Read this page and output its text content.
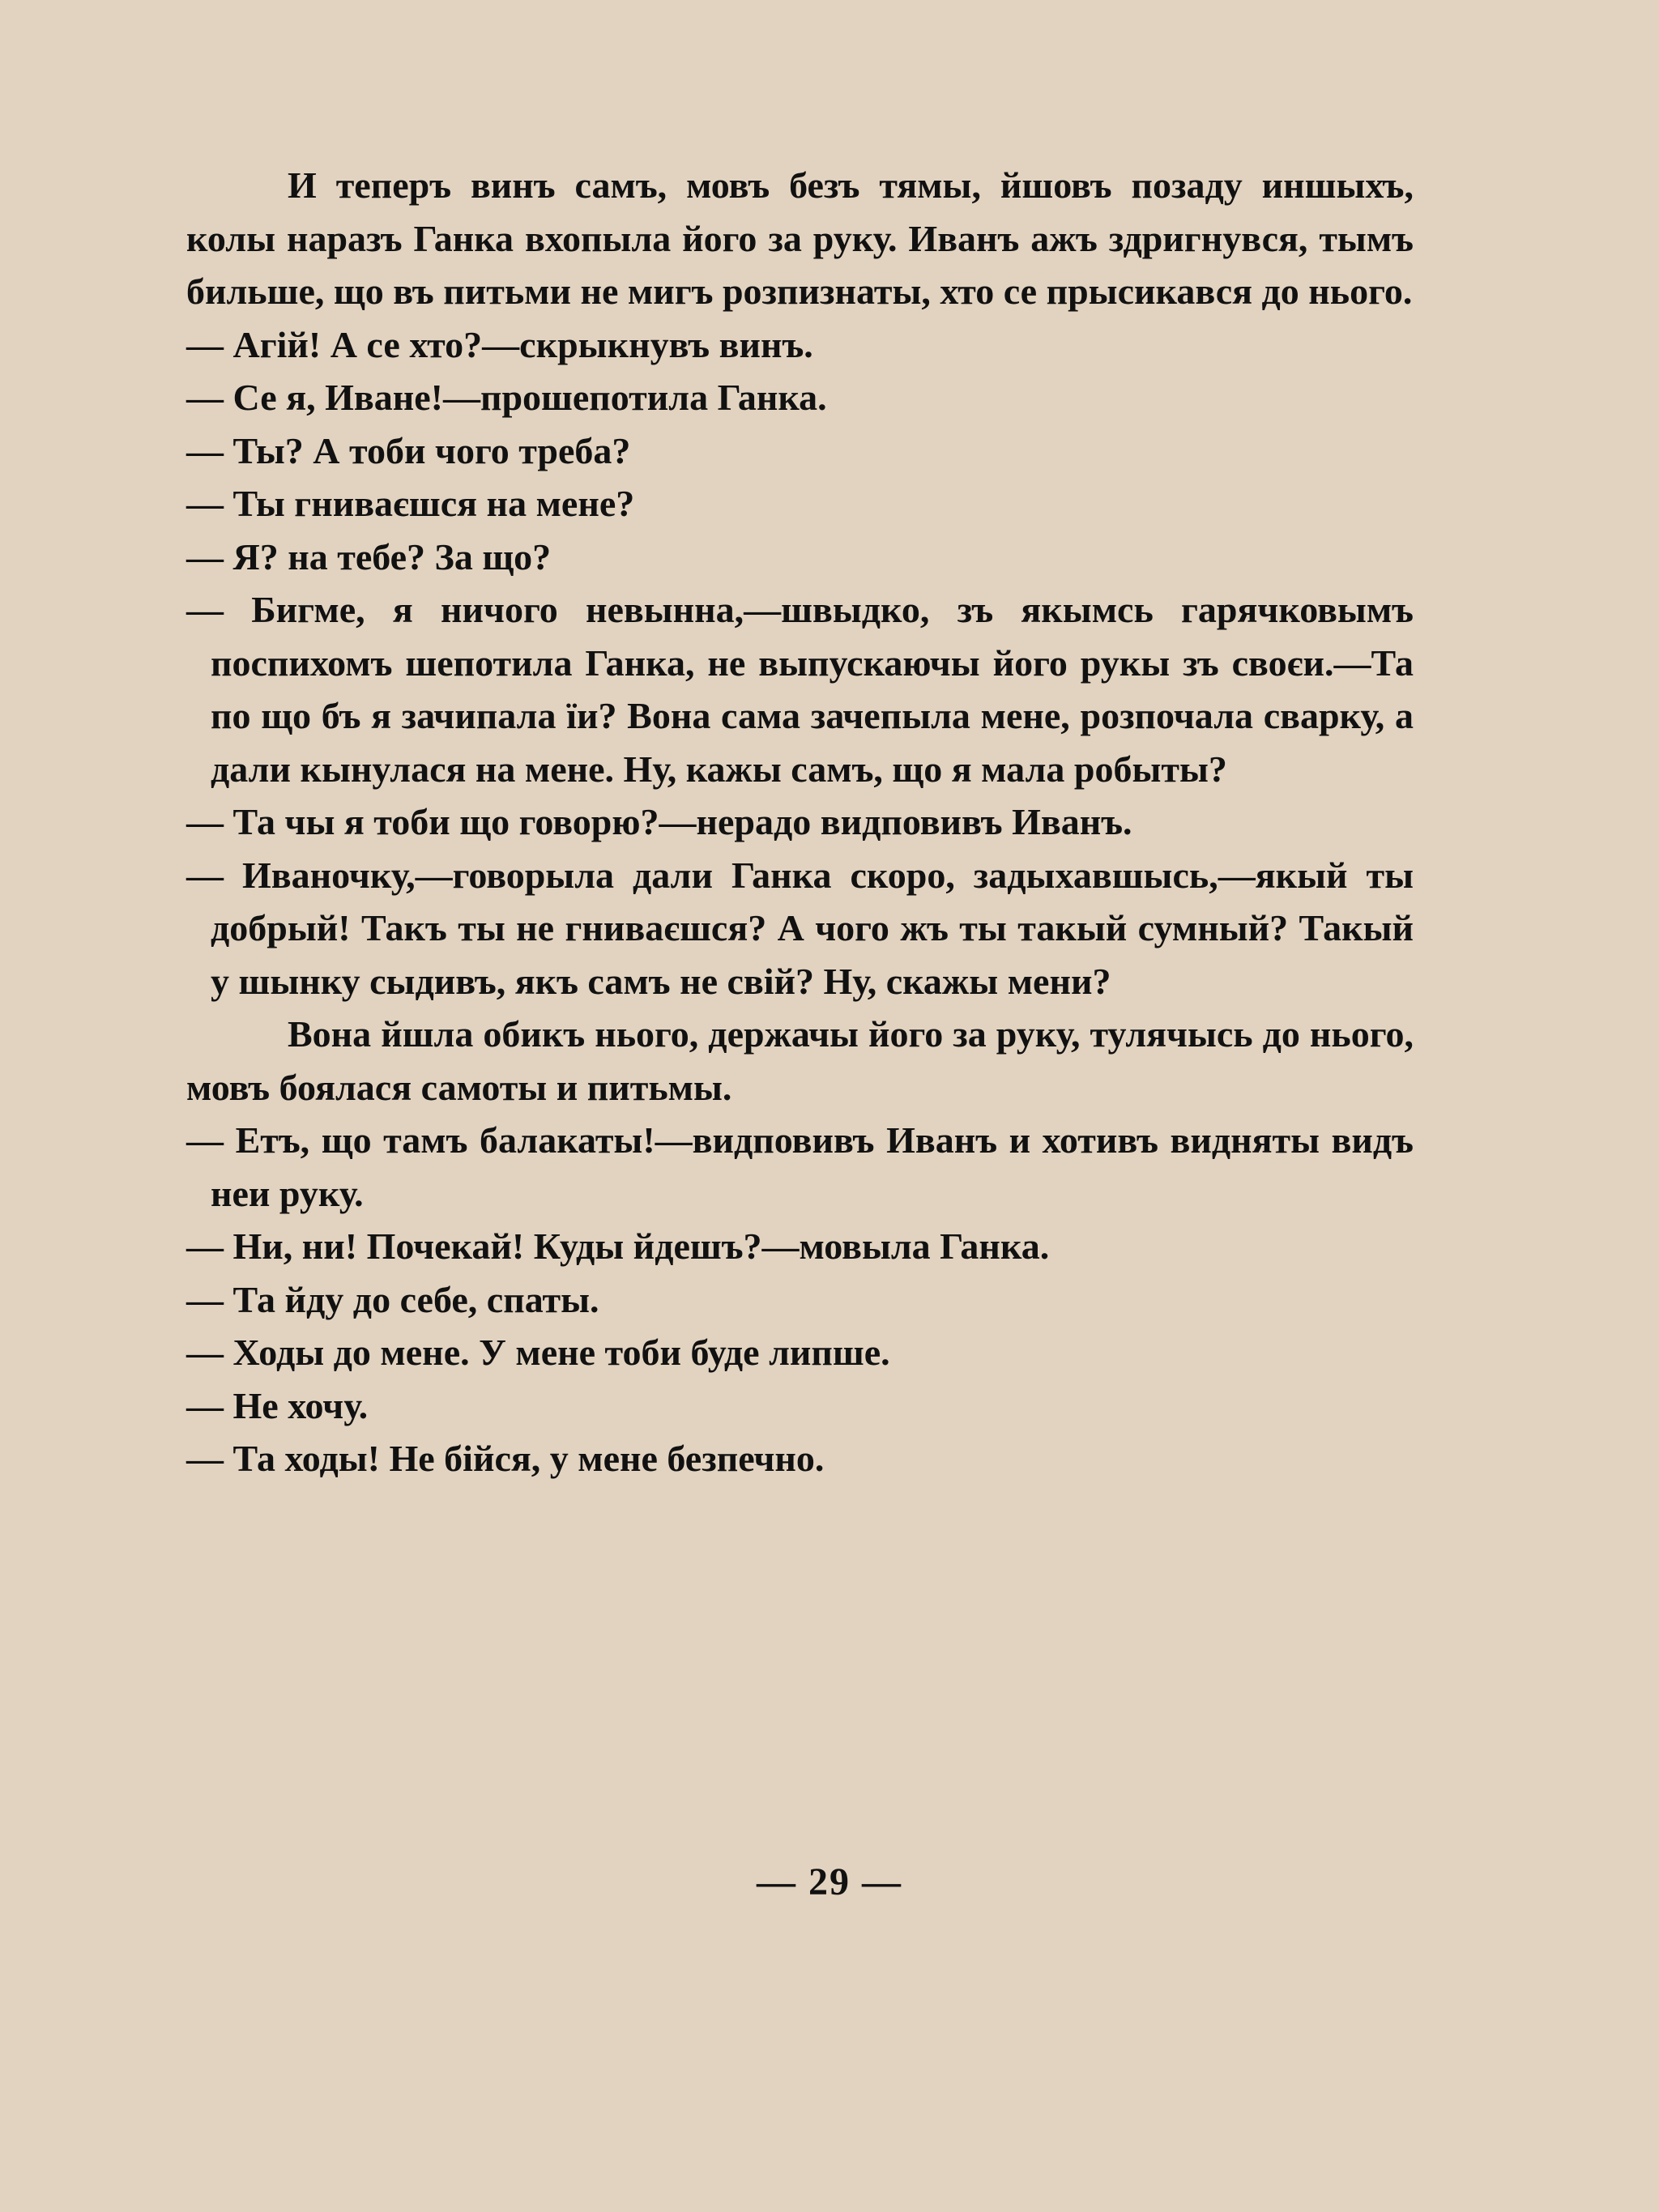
И теперъ винъ самъ, мовъ безъ тямы, йшовъ позаду иншыхъ, колы наразъ Ганка вхопыла його за руку. Иванъ ажъ здригнувся, тымъ бильше, що въ питьми не мигъ розпизнаты, хто се прысикався до нього.

— Агій! А се хто?—скрыкнувъ винъ.

— Се я, Иване!—прошепотила Ганка.

— Ты? А тоби чого треба?

— Ты гниваєшся на мене?

— Я? на тебе? За що?

— Бигме, я ничого невынна,—швыдко, зъ якымсь гарячковымъ поспихомъ шепотила Ганка, не выпускаючы його рукы зъ своєи.—Та по що бъ я зачипала їи? Вона сама зачепыла мене, розпочала сварку, а дали кынулася на мене. Ну, кажы самъ, що я мала робыты?

— Та чы я тоби що говорю?—нерадо видповивъ Иванъ.

— Иваночку,—говорыла дали Ганка скоро, задыхавшысь,—якый ты добрый! Такъ ты не гниваєшся? А чого жъ ты такый сумный? Такый у шынку сыдивъ, якъ самъ не свій? Ну, скажы мени?

Вона йшла обикъ нього, держачы його за руку, тулячысь до нього, мовъ боялася самоты и питьмы.

— Етъ, що тамъ балакаты!—видповивъ Иванъ и хотивъ видняты видъ неи руку.

— Ни, ни! Почекай! Куды йдешъ?—мовыла Ганка.

— Та йду до себе, спаты.

— Ходы до мене. У мене тоби буде липше.

— Не хочу.

— Та ходы! Не бійся, у мене безпечно.

— 29 —
